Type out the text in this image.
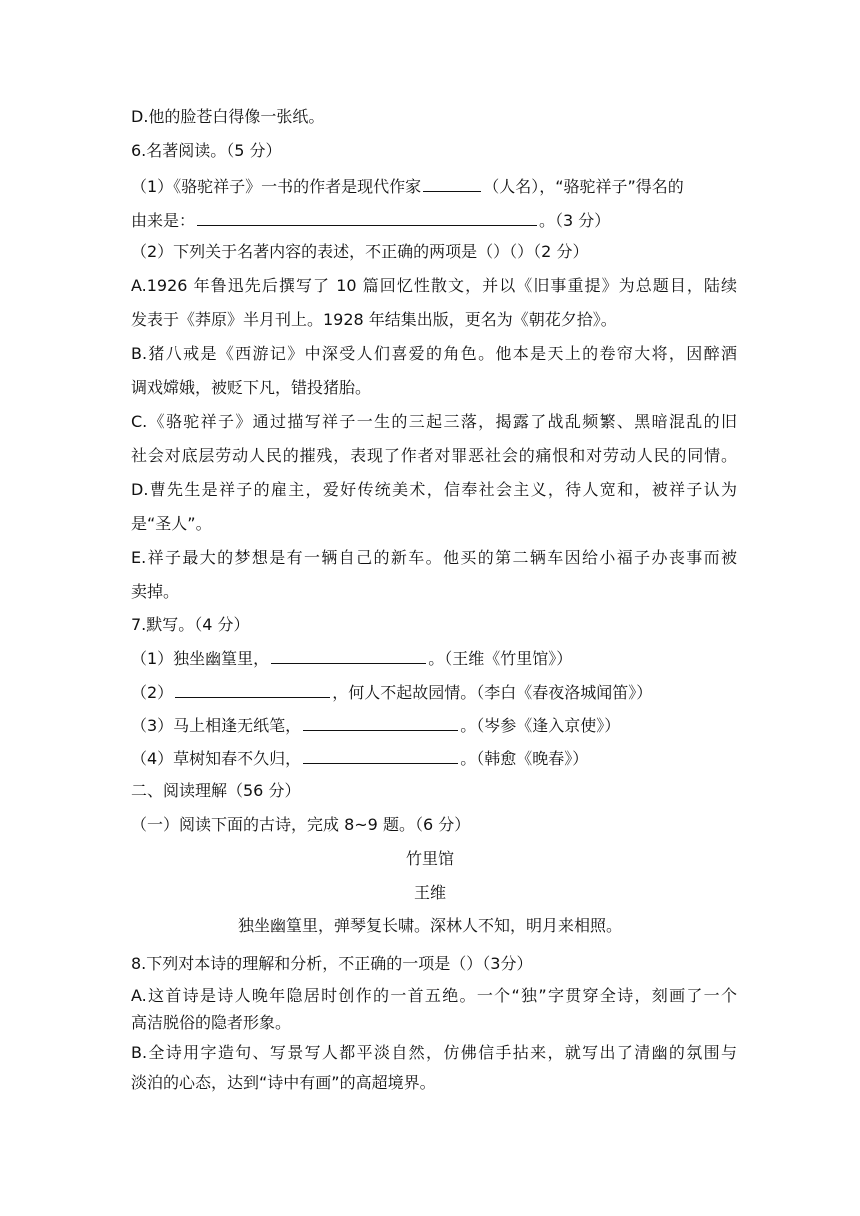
D.他的脸苍白得像一张纸。
6.名著阅读。（5 分）
（1）《骆驼祥子》一书的作者是现代作家	（人名），“骆驼祥子”得名的
由来是：	。（3 分）
（2）下列关于名著内容的表述，不正确的两项是（）（）（2 分）
A.1926 年鲁迅先后撰写了 10 篇回忆性散文，并以《旧事重提》为总题目，陆续
发表于《莽原》半月刊上。1928 年结集出版，更名为《朝花夕拾》。
B.猪八戒是《西游记》中深受人们喜爱的角色。他本是天上的卷帘大将，因醉酒
调戏嫦娥，被贬下凡，错投猪胎。
C.《骆驼祥子》通过描写祥子一生的三起三落，揭露了战乱频繁、黑暗混乱的旧
社会对底层劳动人民的摧残，表现了作者对罪恶社会的痛恨和对劳动人民的同情。
D.曹先生是祥子的雇主，爱好传统美术，信奉社会主义，待人宽和，被祥子认为
是“圣人”。
E.祥子最大的梦想是有一辆自己的新车。他买的第二辆车因给小福子办丧事而被
卖掉。
7.默写。（4 分）
（1）独坐幽篁里，	。（王维《竹里馆》）
（2）	，何人不起故园情。（李白《春夜洛城闻笛》）
（3）马上相逢无纸笔，	。（岑参《逢入京使》）
（4）草树知春不久归，	。（韩愈《晚春》）
二、阅读理解（56 分）
（一）阅读下面的古诗，完成 8~9 题。（6 分）
竹里馆
王维
独坐幽篁里，弹琴复长啸。深林人不知，明月来相照。
8.下列对本诗的理解和分析，不正确的一项是（）（3分）
A.这首诗是诗人晚年隐居时创作的一首五绝。一个“独”字贯穿全诗，刻画了一个
高洁脱俗的隐者形象。
B.全诗用字造句、写景写人都平淡自然，仿佛信手拈来，就写出了清幽的氛围与
淡泊的心态，达到“诗中有画”的高超境界。
